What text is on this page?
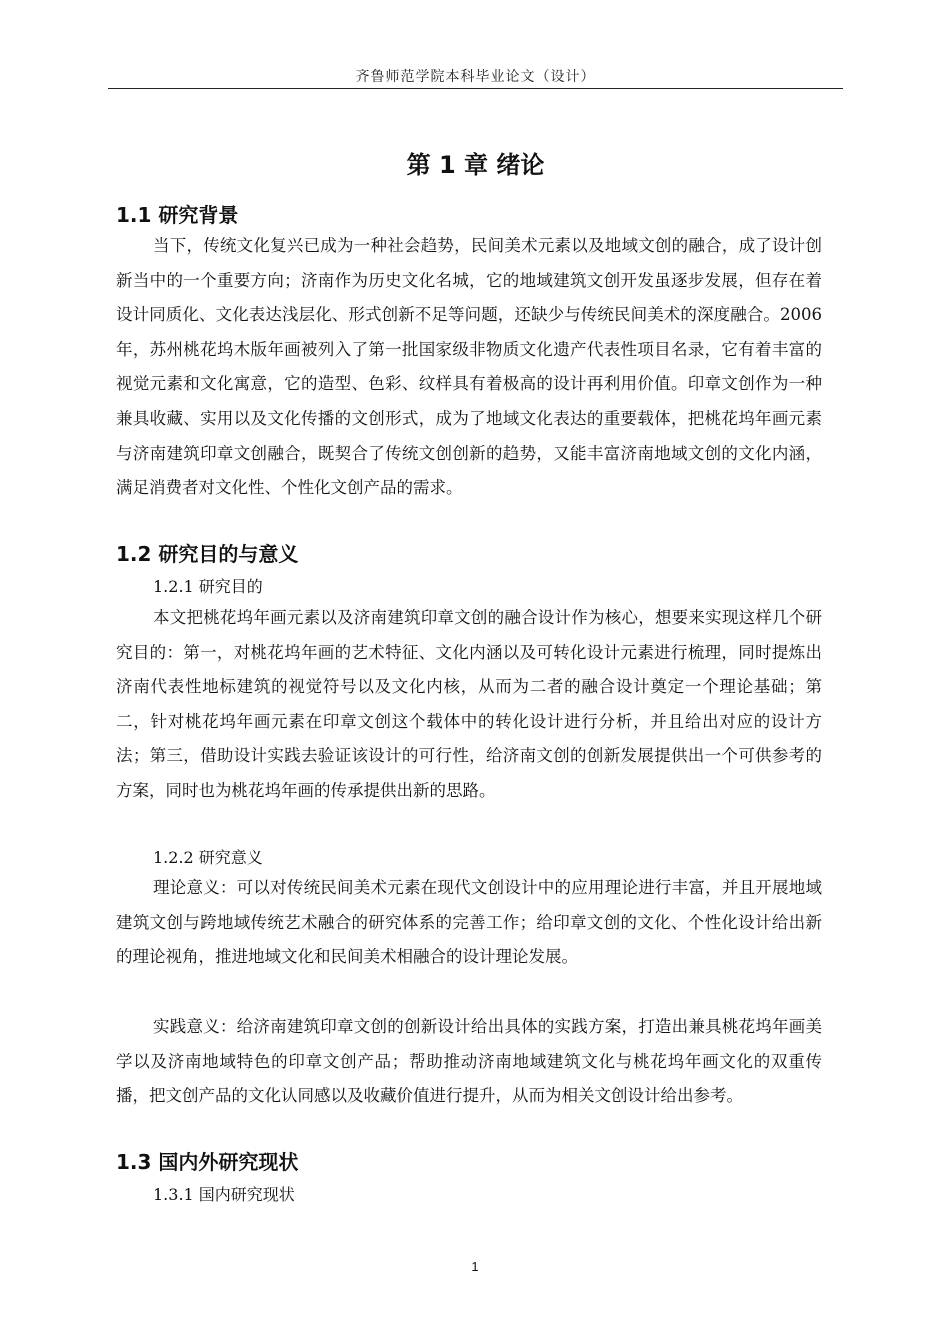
齐鲁师范学院本科毕业论文（设计）
第 1 章 绪论
1.1 研究背景

当下，传统文化复兴已成为一种社会趋势，民间美术元素以及地域文创的融合，成了设计创新当中的一个重要方向；济南作为历史文化名城，它的地域建筑文创开发虽逐步发展，但存在着设计同质化、文化表达浅层化、形式创新不足等问题，还缺少与传统民间美术的深度融合。2006 年，苏州桃花坞木版年画被列入了第一批国家级非物质文化遗产代表性项目名录，它有着丰富的视觉元素和文化寓意，它的造型、色彩、纹样具有着极高的设计再利用价值。印章文创作为一种兼具收藏、实用以及文化传播的文创形式，成为了地域文化表达的重要载体，把桃花坞年画元素与济南建筑印章文创融合，既契合了传统文创创新的趋势，又能丰富济南地域文创的文化内涵，满足消费者对文化性、个性化文创产品的需求。

1.2 研究目的与意义
1.2.1 研究目的

本文把桃花坞年画元素以及济南建筑印章文创的融合设计作为核心，想要来实现这样几个研究目的：第一，对桃花坞年画的艺术特征、文化内涵以及可转化设计元素进行梳理，同时提炼出济南代表性地标建筑的视觉符号以及文化内核，从而为二者的融合设计奠定一个理论基础；第二，针对桃花坞年画元素在印章文创这个载体中的转化设计进行分析，并且给出对应的设计方法；第三，借助设计实践去验证该设计的可行性，给济南文创的创新发展提供出一个可供参考的方案，同时也为桃花坞年画的传承提供出新的思路。

1.2.2 研究意义

理论意义：可以对传统民间美术元素在现代文创设计中的应用理论进行丰富，并且开展地域建筑文创与跨地域传统艺术融合的研究体系的完善工作；给印章文创的文化、个性化设计给出新的理论视角，推进地域文化和民间美术相融合的设计理论发展。

实践意义：给济南建筑印章文创的创新设计给出具体的实践方案，打造出兼具桃花坞年画美学以及济南地域特色的印章文创产品；帮助推动济南地域建筑文化与桃花坞年画文化的双重传播，把文创产品的文化认同感以及收藏价值进行提升，从而为相关文创设计给出参考。

1.3 国内外研究现状
1.3.1 国内研究现状
1
